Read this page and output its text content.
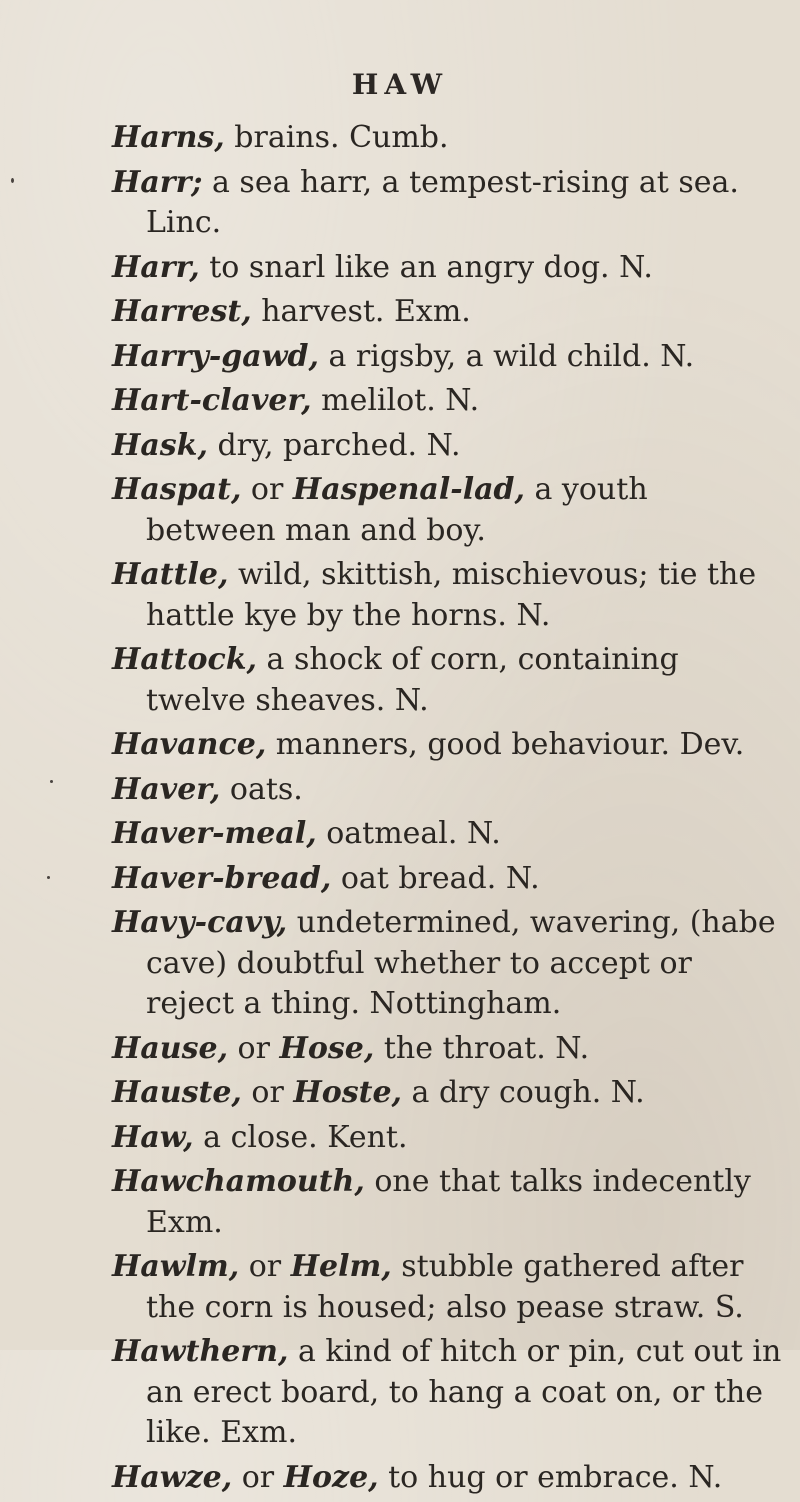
HAW

Harns, brains. Cumb.

Harr; a sea harr, a tempest-rising at sea. Linc.

Harr, to snarl like an angry dog. N.

Harrest, harvest. Exm.

Harry-gawd, a rigsby, a wild child. N.

Hart-claver, melilot. N.

Hask, dry, parched. N.

Haspat, or Haspenal-lad, a youth between man and boy.

Hattle, wild, skittish, mischievous; tie the hattle kye by the horns. N.

Hattock, a shock of corn, containing twelve sheaves. N.

Havance, manners, good behaviour. Dev.

Haver, oats.

Haver-meal, oatmeal. N.

Haver-bread, oat bread. N.

Havy-cavy, undetermined, wavering, (habe cave) doubtful whether to accept or reject a thing. Nottingham.

Hause, or Hose, the throat. N.

Hauste, or Hoste, a dry cough. N.

Haw, a close. Kent.

Hawchamouth, one that talks indecently Exm.

Hawlm, or Helm, stubble gathered after the corn is housed; also pease straw. S.

Hawthern, a kind of hitch or pin, cut out in an erect board, to hang a coat on, or the like. Exm.

Hawze, or Hoze, to hug or embrace. N.
